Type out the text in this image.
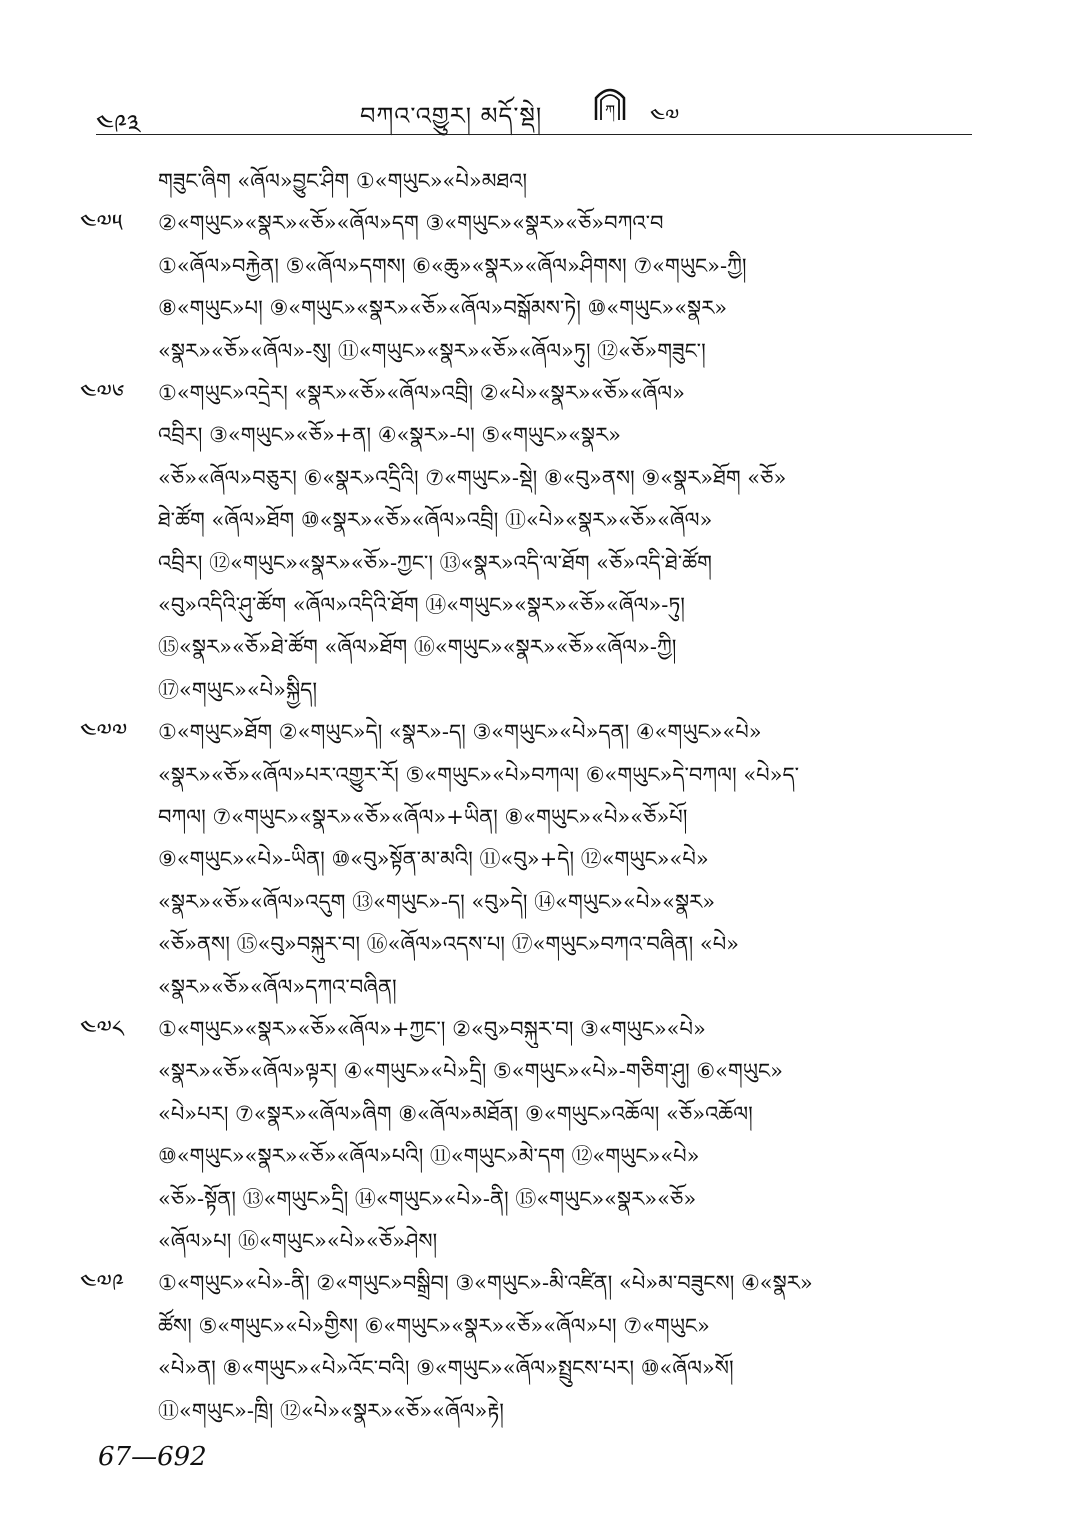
༤༩༣	བཀའ་འགྱུར། མདོ་སྡེ།	ཀ ༤༧
གཟུང་ཞིག «ཞོལ»བྱུང་ཤིག ①«གཡུང»«པེ»མཐའ།
༤༧༥ ②«གཡུང»«སྣར»«ཅོ»«ཞོལ»དག ③«གཡུང»«སྣར»«ཅོ»བཀའ་བ
①«ཞོལ»བརྐྱེན། ⑤«ཞོལ»དགས། ⑥«ཆུ»«སྣར»«ཞོལ»ཤིགས། ⑦«གཡུང»-ཀྱི།
⑧«གཡུང»པ། ⑨«གཡུང»«སྣར»«ཅོ»«ཞོལ»བསྒོམས་ཏེ། ⑩«གཡུང»«སྣར»
«སྣར»«ཅོ»«ཞོལ»-སུ། ⑪«གཡུང»«སྣར»«ཅོ»«ཞོལ»ཏུ། ⑫«ཅོ»གཟུང་།
༤༧༦ ①«གཡུང»འདྲེར། «སྣར»«ཅོ»«ཞོལ»འབྲི། ②«པེ»«སྣར»«ཅོ»«ཞོལ»
འབྲིར། ③«གཡུང»«ཅོ»+ན། ④«སྣར»-པ། ⑤«གཡུང»«སྣར»
«ཅོ»«ཞོལ»བཅུར། ⑥«སྣར»འདྲིའི། ⑦«གཡུང»-སྡེ། ⑧«བུ»ནས། ⑨«སྣར»ཐོག «ཅོ»
ཐེ་ཚོག «ཞོལ»ཐོག ⑩«སྣར»«ཅོ»«ཞོལ»འབྲི། ⑪«པེ»«སྣར»«ཅོ»«ཞོལ»
འབྲིར། ⑫«གཡུང»«སྣར»«ཅོ»-ཀྱང་། ⑬«སྣར»འདི་ལ་ཐོག «ཅོ»འདི་ཐེ་ཚོག
«བུ»འདིའི་ཤུ་ཚོག «ཞོལ»འདིའི་ཐོག ⑭«གཡུང»«སྣར»«ཅོ»«ཞོལ»-ཏུ།
⑮«སྣར»«ཅོ»ཐེ་ཚོག «ཞོལ»ཐོག ⑯«གཡུང»«སྣར»«ཅོ»«ཞོལ»-ཀྱི།
⑰«གཡུང»«པེ»སྐྱིད།
༤༧༧ ①«གཡུང»ཐོག ②«གཡུང»དེ། «སྣར»-ད། ③«གཡུང»«པེ»དན། ④«གཡུང»«པེ»
«སྣར»«ཅོ»«ཞོལ»པར་འགྱུར་རོ། ⑤«གཡུང»«པེ»བཀལ། ⑥«གཡུང»དེ་བཀལ། «པེ»ད་
བཀལ། ⑦«གཡུང»«སྣར»«ཅོ»«ཞོལ»+ཡིན། ⑧«གཡུང»«པེ»«ཅོ»པོ།
⑨«གཡུང»«པེ»-ཡིན། ⑩«བུ»སྟོན་མ་མའི། ⑪«བུ»+དེ། ⑫«གཡུང»«པེ»
«སྣར»«ཅོ»«ཞོལ»འདུག ⑬«གཡུང»-ད། «བུ»དེ། ⑭«གཡུང»«པེ»«སྣར»
«ཅོ»ནས། ⑮«བུ»བསྐུར་བ། ⑯«ཞོལ»འདས་པ། ⑰«གཡུང»བཀའ་བཞིན། «པེ»
«སྣར»«ཅོ»«ཞོལ»དཀའ་བཞིན།
༤༧༨ ①«གཡུང»«སྣར»«ཅོ»«ཞོལ»+ཀྱང་། ②«བུ»བསྐུར་བ། ③«གཡུང»«པེ»
«སྣར»«ཅོ»«ཞོལ»ལྟར། ④«གཡུང»«པེ»དྲི། ⑤«གཡུང»«པེ»-གཅིག་ཤུ། ⑥«གཡུང»
«པེ»པར། ⑦«སྣར»«ཞོལ»ཞིག ⑧«ཞོལ»མཐོན། ⑨«གཡུང»འཆོལ། «ཅོ»འཆོལ།
⑩«གཡུང»«སྣར»«ཅོ»«ཞོལ»པའི། ⑪«གཡུང»མེ་དག ⑫«གཡུང»«པེ»
«ཅོ»-སྟོན། ⑬«གཡུང»དྲི། ⑭«གཡུང»«པེ»-ནི། ⑮«གཡུང»«སྣར»«ཅོ»
«ཞོལ»པ། ⑯«གཡུང»«པེ»«ཅོ»ཤེས།
༤༧༩ ①«གཡུང»«པེ»-ནི། ②«གཡུང»བསྒྲིབ། ③«གཡུང»-མི་འཛིན། «པེ»མ་བཟུངས། ④«སྣར»
ཚོས། ⑤«གཡུང»«པེ»གྱིས། ⑥«གཡུང»«སྣར»«ཅོ»«ཞོལ»པ། ⑦«གཡུང»
«པེ»ན། ⑧«གཡུང»«པེ»འོང་བའི། ⑨«གཡུང»«ཞོལ»སྤྲུངས་པར། ⑩«ཞོལ»སོ།
⑪«གཡུང»-ཁྲི། ⑫«པེ»«སྣར»«ཅོ»«ཞོལ»རྟེ།
67—692
